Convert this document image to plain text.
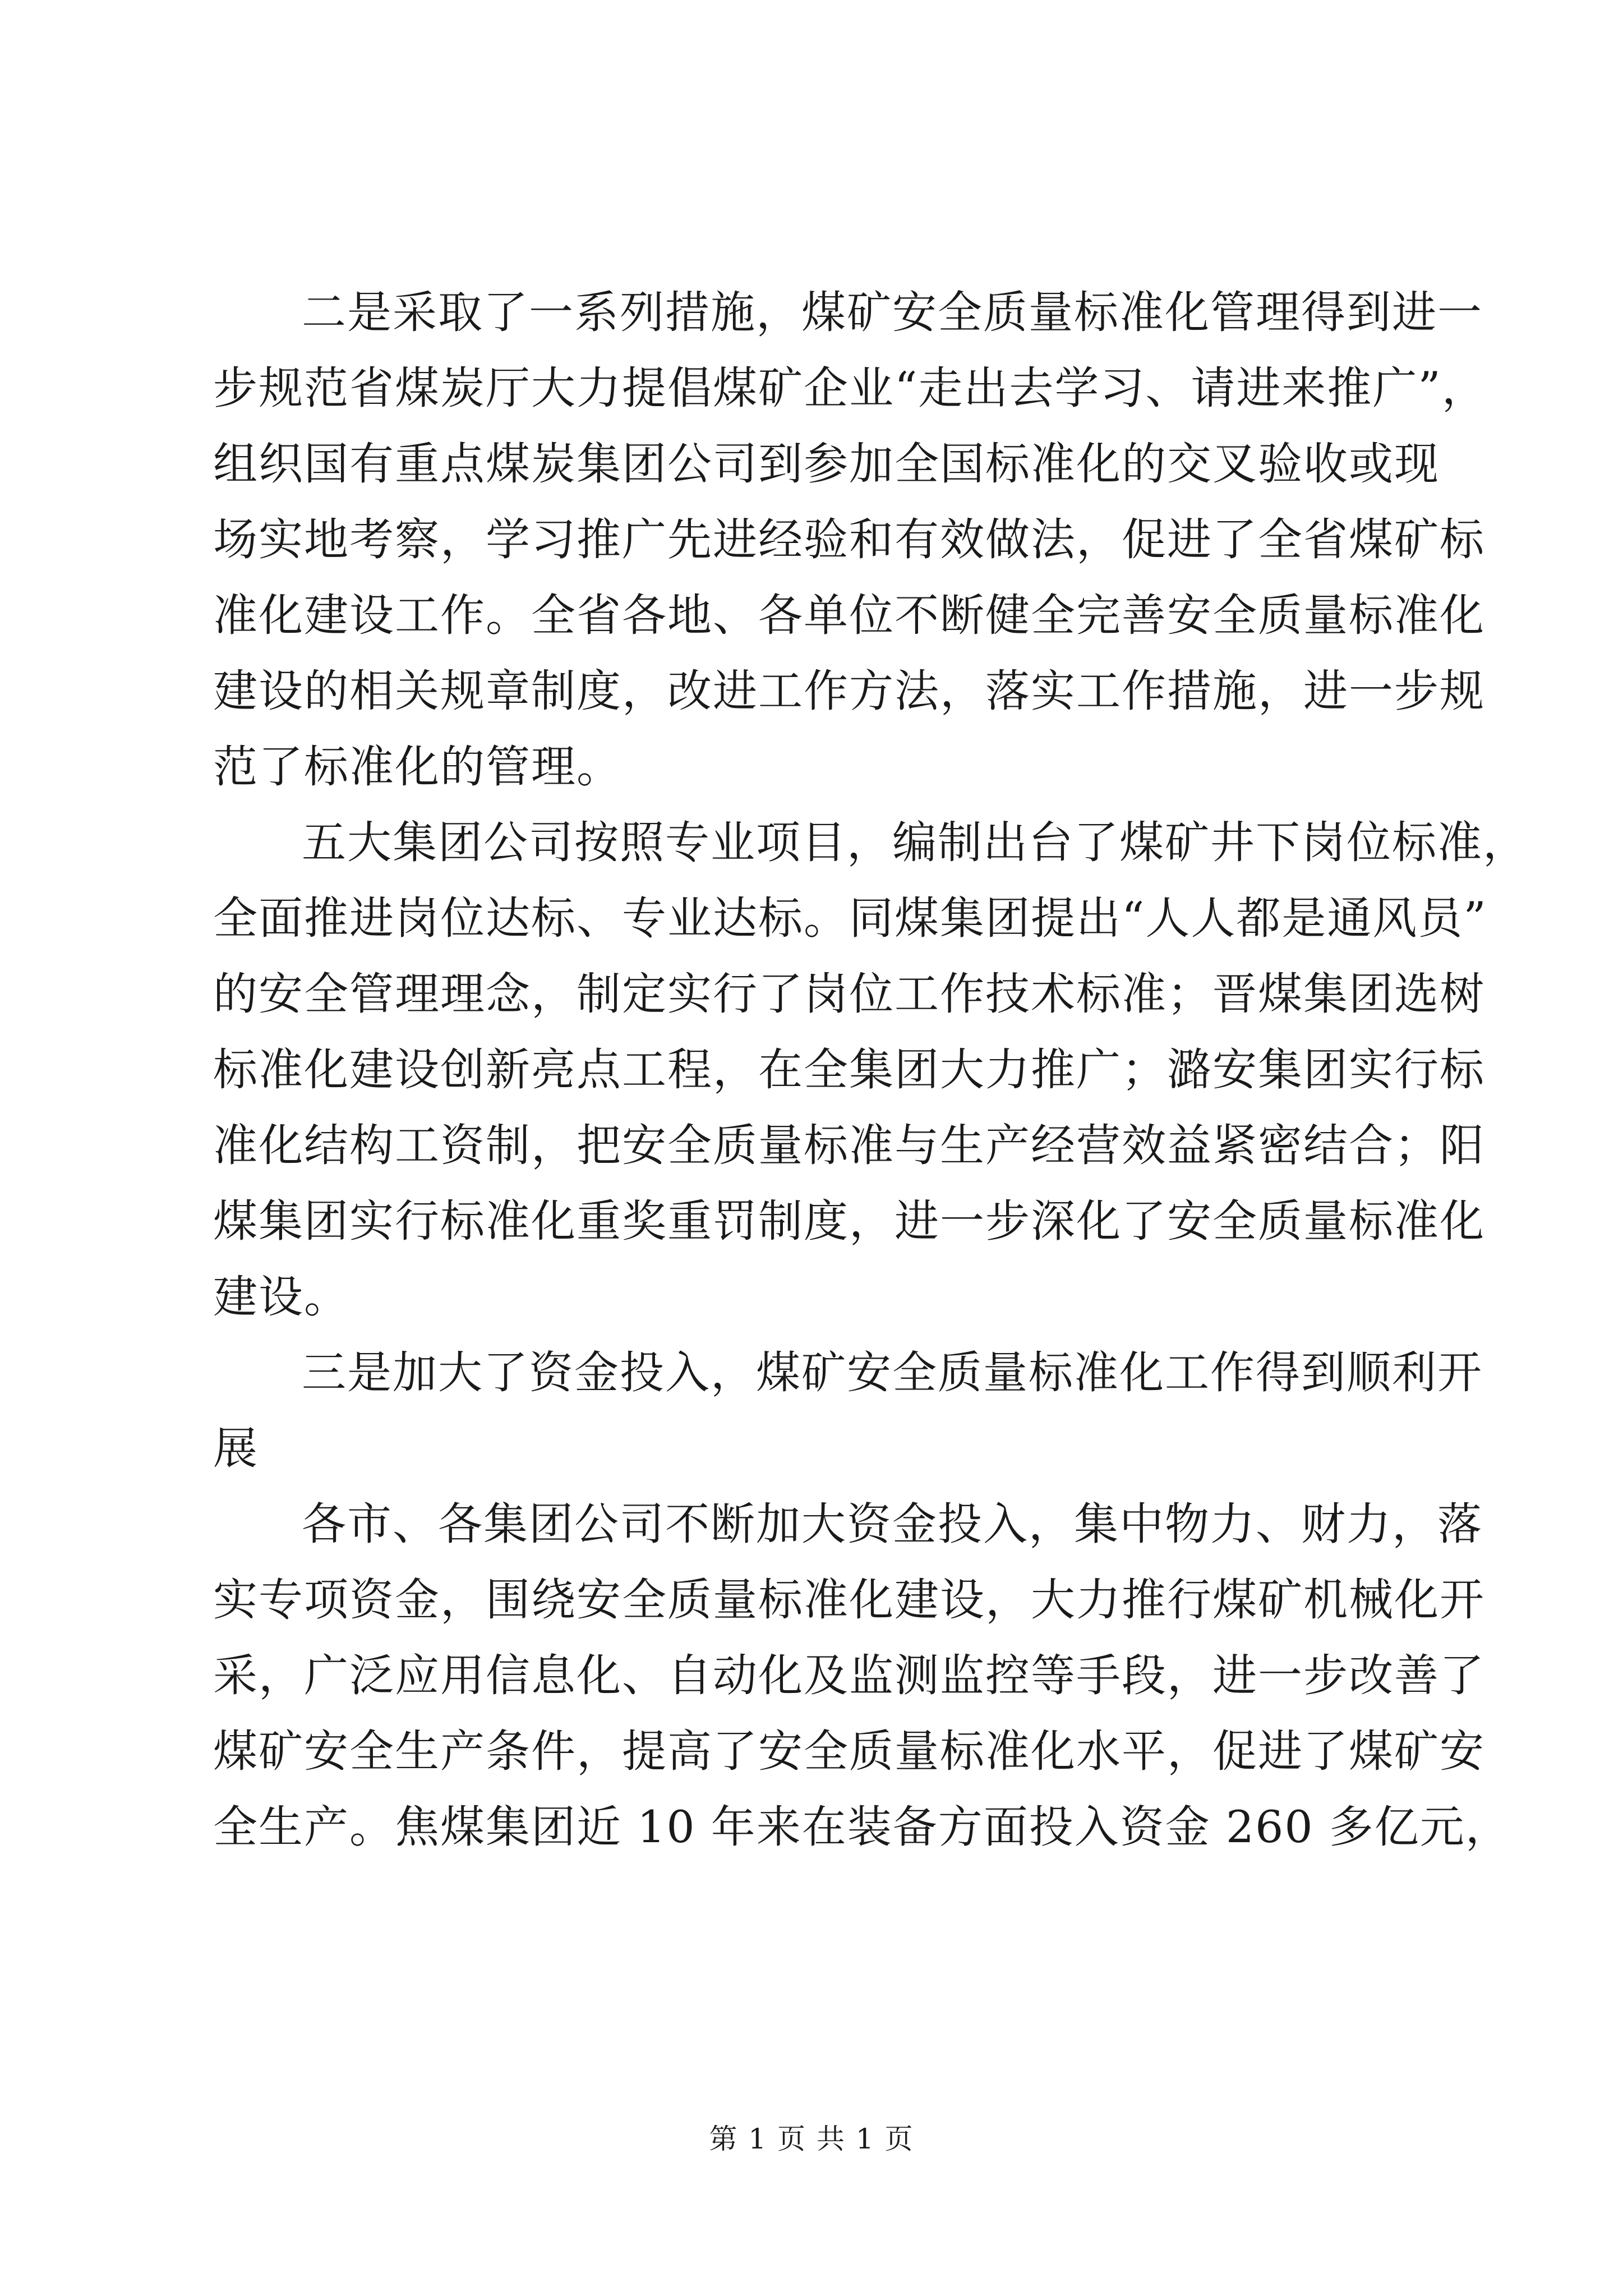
二是采取了一系列措施，煤矿安全质量标准化管理得到进一
步规范省煤炭厅大力提倡煤矿企业“走出去学习、请进来推广”，
组织国有重点煤炭集团公司到参加全国标准化的交叉验收或现
场实地考察，学习推广先进经验和有效做法，促进了全省煤矿标
准化建设工作。全省各地、各单位不断健全完善安全质量标准化
建设的相关规章制度，改进工作方法，落实工作措施，进一步规
范了标准化的管理。
五大集团公司按照专业项目，编制出台了煤矿井下岗位标准，
全面推进岗位达标、专业达标。同煤集团提出“人人都是通风员”
的安全管理理念，制定实行了岗位工作技术标准；晋煤集团选树
标准化建设创新亮点工程，在全集团大力推广；潞安集团实行标
准化结构工资制，把安全质量标准与生产经营效益紧密结合；阳
煤集团实行标准化重奖重罚制度，进一步深化了安全质量标准化
建设。
三是加大了资金投入，煤矿安全质量标准化工作得到顺利开
展
各市、各集团公司不断加大资金投入，集中物力、财力，落
实专项资金，围绕安全质量标准化建设，大力推行煤矿机械化开
采，广泛应用信息化、自动化及监测监控等手段，进一步改善了
煤矿安全生产条件，提高了安全质量标准化水平，促进了煤矿安
全生产。焦煤集团近 10 年来在装备方面投入资金 260 多亿元，
第 1 页 共 1 页
